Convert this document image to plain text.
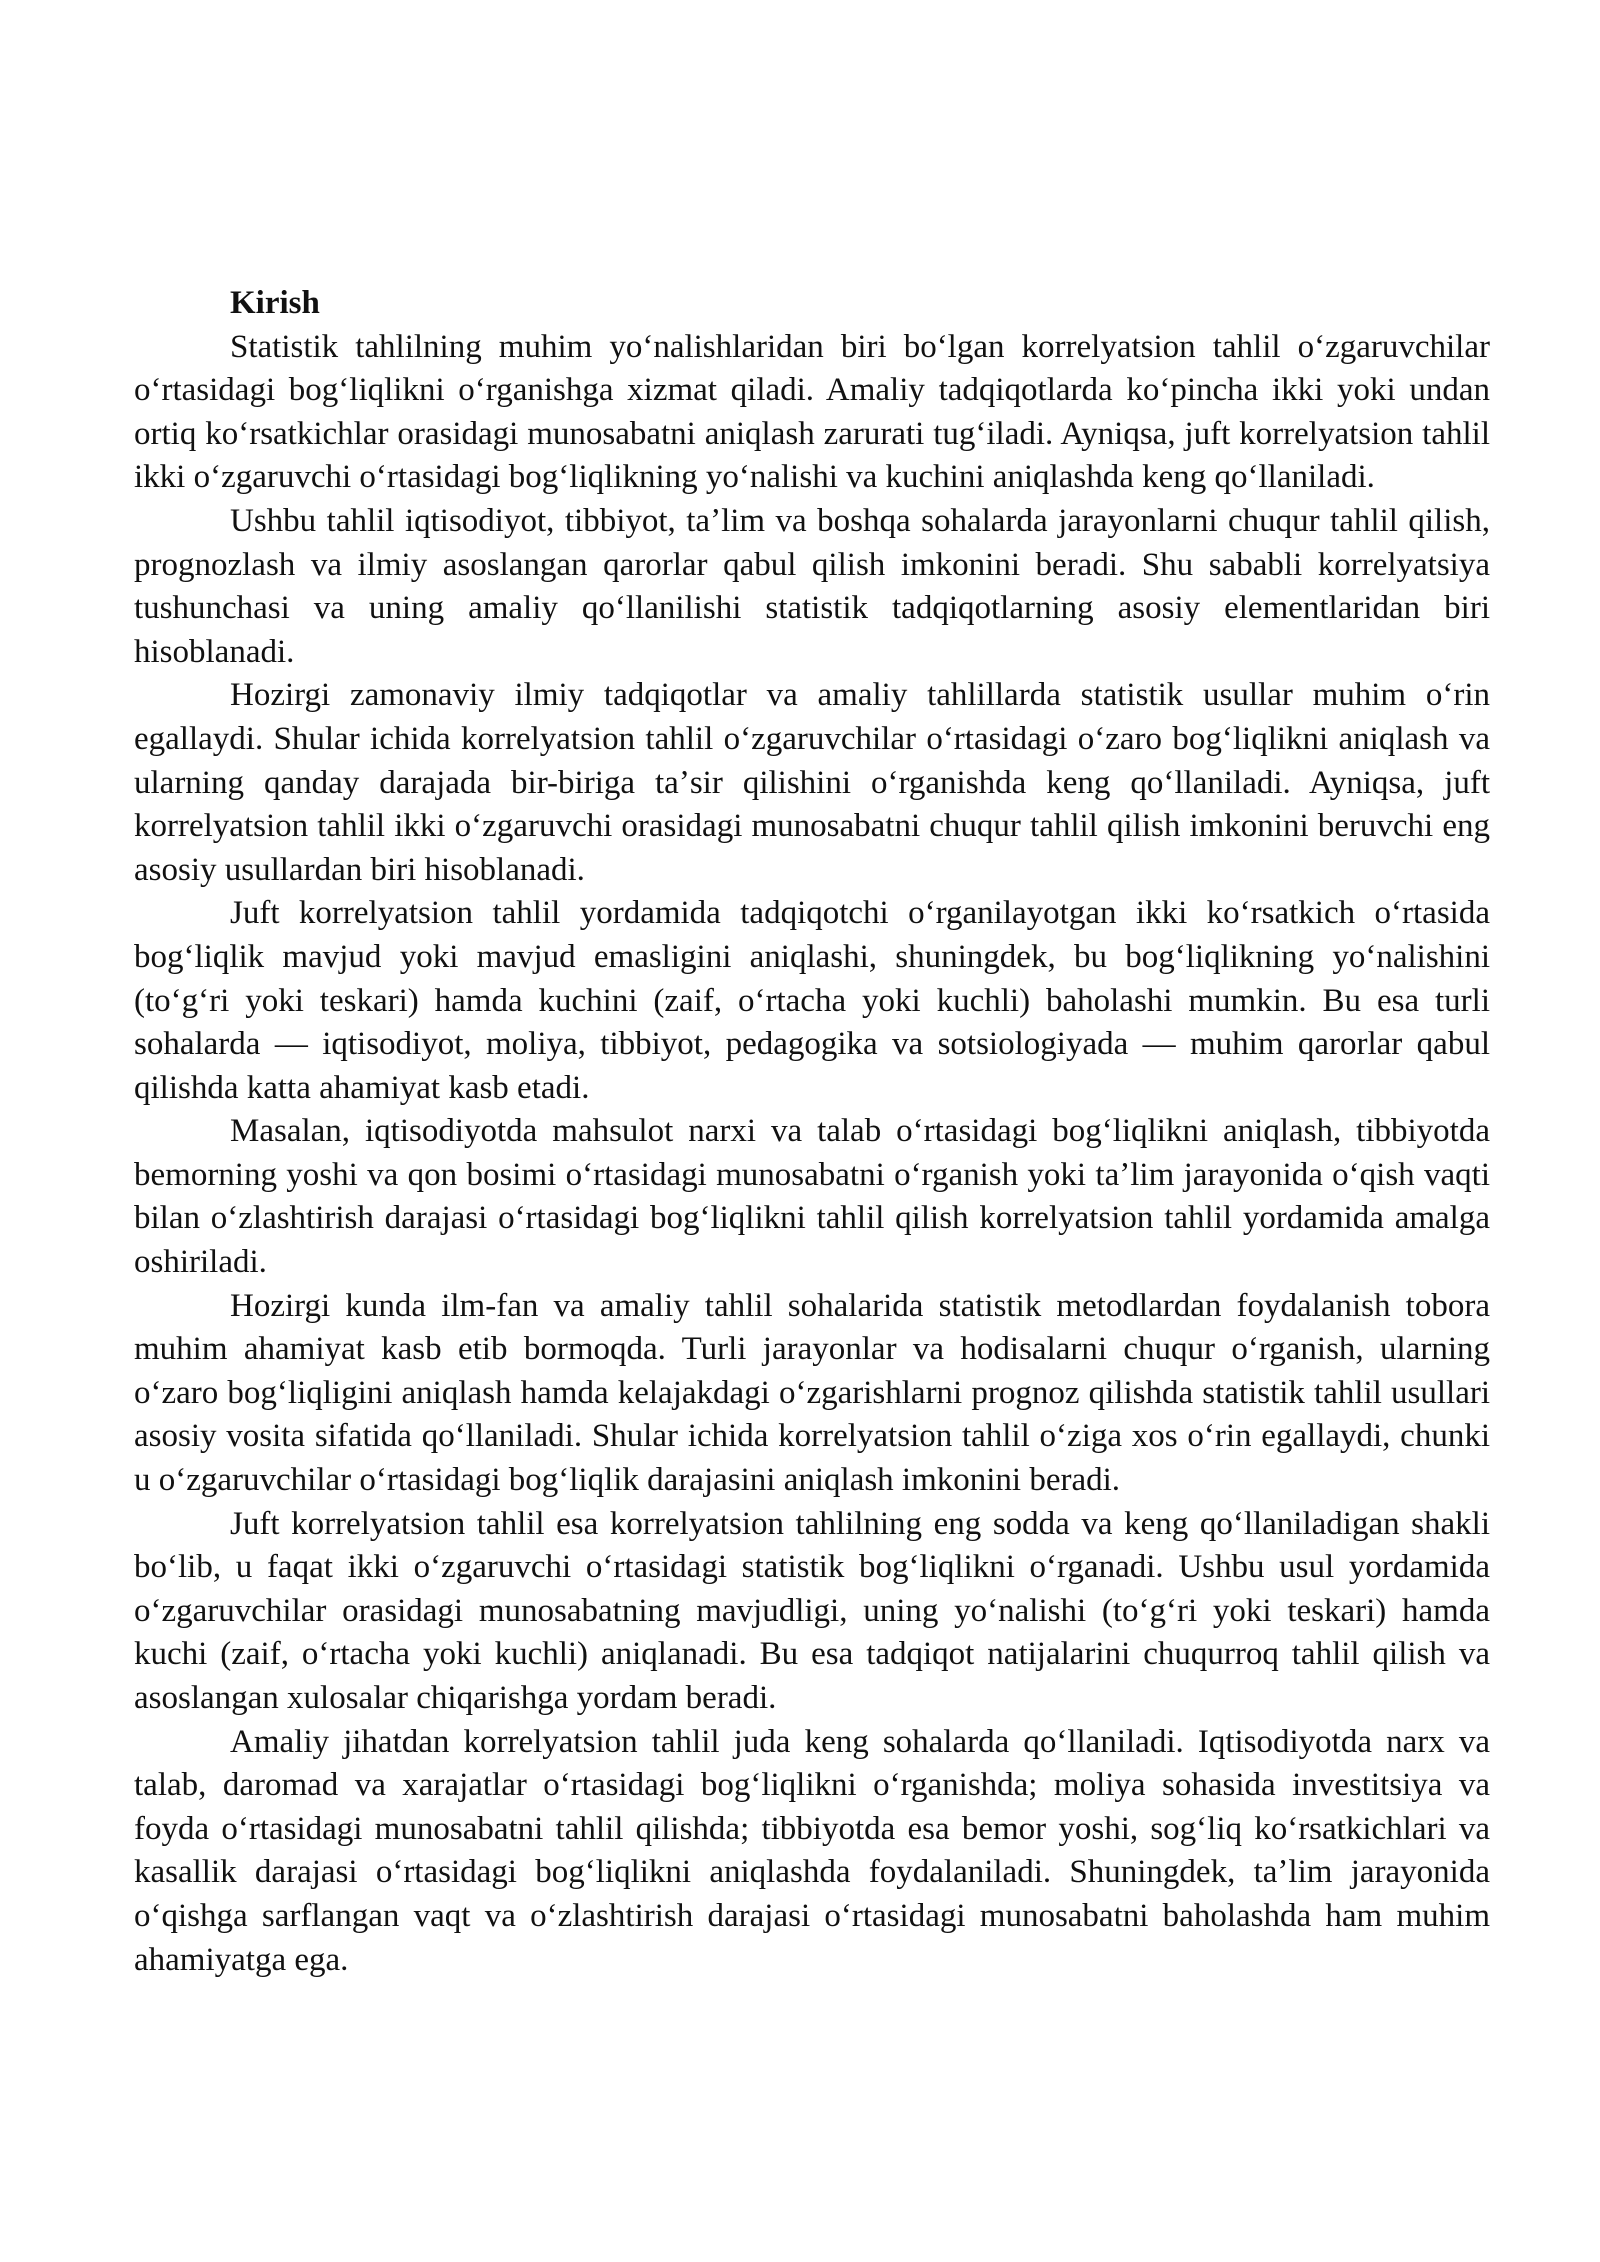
Kirish

Statistik tahlilning muhim yoʻnalishlaridan biri boʻlgan korrelyatsion tahlil oʻzgaruvchilar oʻrtasidagi bogʻliqlikni oʻrganishga xizmat qiladi. Amaliy tadqiqotlarda koʻpincha ikki yoki undan ortiq koʻrsatkichlar orasidagi munosabatni aniqlash zarurati tugʻiladi. Ayniqsa, juft korrelyatsion tahlil ikki oʻzgaruvchi oʻrtasidagi bogʻliqlikning yoʻnalishi va kuchini aniqlashda keng qoʻllaniladi.

Ushbu tahlil iqtisodiyot, tibbiyot, taʼlim va boshqa sohalarda jarayonlarni chuqur tahlil qilish, prognozlash va ilmiy asoslangan qarorlar qabul qilish imkonini beradi. Shu sababli korrelyatsiya tushunchasi va uning amaliy qoʻllanilishi statistik tadqiqotlarning asosiy elementlaridan biri hisoblanadi.

Hozirgi zamonaviy ilmiy tadqiqotlar va amaliy tahlillarda statistik usullar muhim oʻrin egallaydi. Shular ichida korrelyatsion tahlil oʻzgaruvchilar oʻrtasidagi oʻzaro bogʻliqlikni aniqlash va ularning qanday darajada bir-biriga taʼsir qilishini oʻrganishda keng qoʻllaniladi. Ayniqsa, juft korrelyatsion tahlil ikki oʻzgaruvchi orasidagi munosabatni chuqur tahlil qilish imkonini beruvchi eng asosiy usullardan biri hisoblanadi.

Juft korrelyatsion tahlil yordamida tadqiqotchi oʻrganilayotgan ikki koʻrsatkich oʻrtasida bogʻliqlik mavjud yoki mavjud emasligini aniqlashi, shuningdek, bu bogʻliqlikning yoʻnalishini (toʻgʻri yoki teskari) hamda kuchini (zaif, oʻrtacha yoki kuchli) baholashi mumkin. Bu esa turli sohalarda — iqtisodiyot, moliya, tibbiyot, pedagogika va sotsiologiyada — muhim qarorlar qabul qilishda katta ahamiyat kasb etadi.

Masalan, iqtisodiyotda mahsulot narxi va talab oʻrtasidagi bogʻliqlikni aniqlash, tibbiyotda bemorning yoshi va qon bosimi oʻrtasidagi munosabatni oʻrganish yoki taʼlim jarayonida oʻqish vaqti bilan oʻzlashtirish darajasi oʻrtasidagi bogʻliqlikni tahlil qilish korrelyatsion tahlil yordamida amalga oshiriladi.

Hozirgi kunda ilm-fan va amaliy tahlil sohalarida statistik metodlardan foydalanish tobora muhim ahamiyat kasb etib bormoqda. Turli jarayonlar va hodisalarni chuqur oʻrganish, ularning oʻzaro bogʻliqligini aniqlash hamda kelajakdagi oʻzgarishlarni prognoz qilishda statistik tahlil usullari asosiy vosita sifatida qoʻllaniladi. Shular ichida korrelyatsion tahlil oʻziga xos oʻrin egallaydi, chunki u oʻzgaruvchilar oʻrtasidagi bogʻliqlik darajasini aniqlash imkonini beradi.

Juft korrelyatsion tahlil esa korrelyatsion tahlilning eng sodda va keng qoʻllaniladigan shakli boʻlib, u faqat ikki oʻzgaruvchi oʻrtasidagi statistik bogʻliqlikni oʻrganadi. Ushbu usul yordamida oʻzgaruvchilar orasidagi munosabatning mavjudligi, uning yoʻnalishi (toʻgʻri yoki teskari) hamda kuchi (zaif, oʻrtacha yoki kuchli) aniqlanadi. Bu esa tadqiqot natijalarini chuqurroq tahlil qilish va asoslangan xulosalar chiqarishga yordam beradi.

Amaliy jihatdan korrelyatsion tahlil juda keng sohalarda qoʻllaniladi. Iqtisodiyotda narx va talab, daromad va xarajatlar oʻrtasidagi bogʻliqlikni oʻrganishda; moliya sohasida investitsiya va foyda oʻrtasidagi munosabatni tahlil qilishda; tibbiyotda esa bemor yoshi, sogʻliq koʻrsatkichlari va kasallik darajasi oʻrtasidagi bogʻliqlikni aniqlashda foydalaniladi. Shuningdek, taʼlim jarayonida oʻqishga sarflangan vaqt va oʻzlashtirish darajasi oʻrtasidagi munosabatni baholashda ham muhim ahamiyatga ega.
